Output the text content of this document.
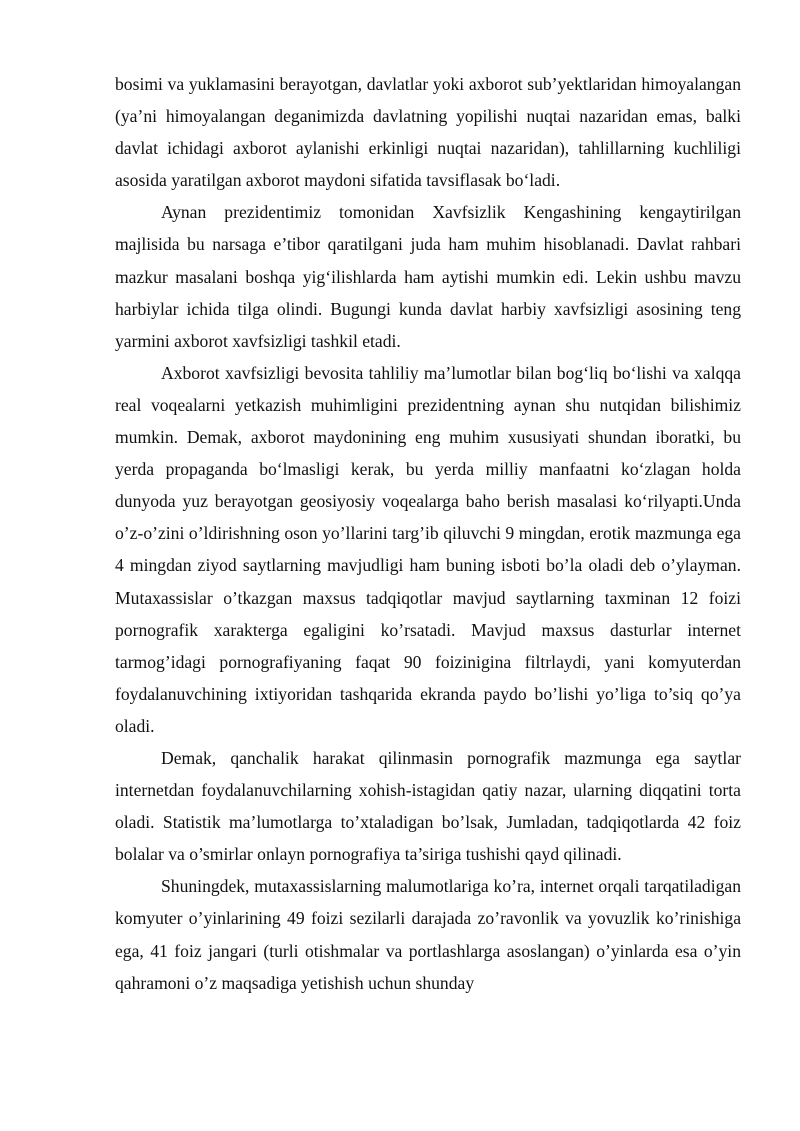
bosimi va yuklamasini berayotgan, davlatlar yoki axborot sub’yektlaridan himoyalangan (ya’ni himoyalangan deganimizda davlatning yopilishi nuqtai nazaridan emas, balki davlat ichidagi axborot aylanishi erkinligi nuqtai nazaridan), tahlillarning kuchliligi asosida yaratilgan axborot maydoni sifatida tavsiflasak bo‘ladi.

Aynan prezidentimiz tomonidan Xavfsizlik Kengashining kengaytirilgan majlisida bu narsaga e’tibor qaratilgani juda ham muhim hisoblanadi. Davlat rahbari mazkur masalani boshqa yig‘ilishlarda ham aytishi mumkin edi. Lekin ushbu mavzu harbiylar ichida tilga olindi. Bugungi kunda davlat harbiy xavfsizligi asosining teng yarmini axborot xavfsizligi tashkil etadi.

Axborot xavfsizligi bevosita tahliliy ma’lumotlar bilan bog‘liq bo‘lishi va xalqqa real voqealarni yetkazish muhimligini prezidentning aynan shu nutqidan bilishimiz mumkin. Demak, axborot maydonining eng muhim xususiyati shundan iboratki, bu yerda propaganda bo‘lmasligi kerak, bu yerda milliy manfaatni ko‘zlagan holda dunyoda yuz berayotgan geosiyosiy voqealarga baho berish masalasi ko‘rilyapti.Unda o’z-o’zini o’ldirishning oson yo’llarini targ’ib qiluvchi 9 mingdan, erotik mazmunga ega 4 mingdan ziyod saytlarning mavjudligi ham buning isboti bo’la oladi deb o’ylayman. Mutaxassislar o’tkazgan maxsus tadqiqotlar mavjud saytlarning taxminan 12 foizi pornografik xarakterga egaligini ko’rsatadi. Mavjud maxsus dasturlar internet tarmog’idagi pornografiyaning faqat 90 foizinigina filtrlaydi, yani komyuterdan foydalanuvchining ixtiyoridan tashqarida ekranda paydo bo’lishi yo’liga to’siq qo’ya oladi.

Demak, qanchalik harakat qilinmasin pornografik mazmunga ega saytlar internetdan foydalanuvchilarning xohish-istagidan qatiy nazar, ularning diqqatini torta oladi. Statistik ma’lumotlarga to’xtaladigan bo’lsak, Jumladan, tadqiqotlarda 42 foiz bolalar va o’smirlar onlayn pornografiya ta’siriga tushishi qayd qilinadi.

Shuningdek, mutaxassislarning malumotlariga ko’ra, internet orqali tarqatiladigan komyuter o’yinlarining 49 foizi sezilarli darajada zo’ravonlik va yovuzlik ko’rinishiga ega, 41 foiz jangari (turli otishmalar va portlashlarga asoslangan) o’yinlarda esa o’yin qahramoni o’z maqsadiga yetishish uchun shunday
